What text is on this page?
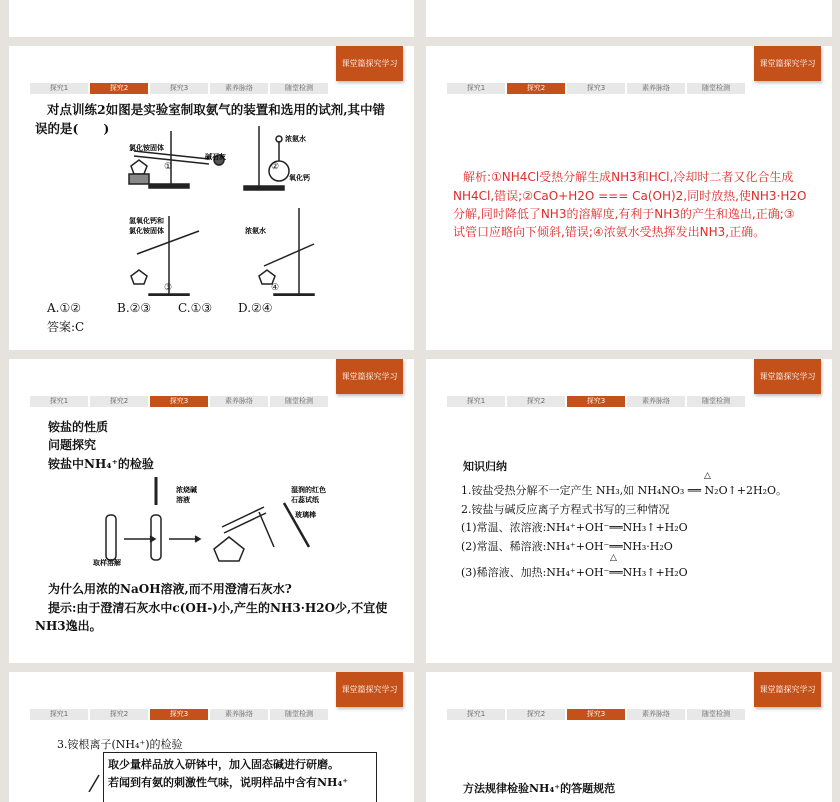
对点训练2如图是实验室制取氨气的装置和选用的试剂,其中错
误的是(　　)
氯化铵固体
碱石灰
浓氨水
氧化钙
氢氧化钙和
氯化铵固体	浓氨水
①	②
③	④
A.①②	B.②③ C.①③ D.②④
答案:C
课堂篇探究学习
探究1	探究2	探究3	素养脉络	随堂检测
解析:①NH4Cl受热分解生成NH3和HCl,冷却时二者又化合生成
NH4Cl,错误;②CaO+H2O === Ca(OH)2,同时放热,使NH3·H2O
分解,同时降低了NH3的溶解度,有利于NH3的产生和逸出,正确;③
试管口应略向下倾斜,错误;④浓氨水受热挥发出NH3,正确。
课堂篇探究学习
探究1	探究2	探究3	素养脉络	随堂检测
铵盐的性质
问题探究
铵盐中NH₄⁺的检验
浓烧碱
溶液
湿润的红色
石蕊试纸
玻璃棒
取样溶解
为什么用浓的NaOH溶液,而不用澄清石灰水?
提示:由于澄清石灰水中c(OH-)小,产生的NH3·H2O少,不宜使
NH3逸出。
课堂篇探究学习
探究1	探究2	探究3	素养脉络	随堂检测
知识归纳
1.铵盐受热分解不一定产生 NH₃,如 NH₄NO₃ ══ N₂O↑+2H₂O。
△
2.铵盐与碱反应离子方程式书写的三种情况
(1)常温、浓溶液:NH₄⁺+OH⁻══NH₃↑+H₂O
(2)常温、稀溶液:NH₄⁺+OH⁻══NH₃·H₂O
(3)稀溶液、加热:NH₄⁺+OH⁻══NH₃↑+H₂O
△
课堂篇探究学习
探究1	探究2	探究3	素养脉络	随堂检测
3.铵根离子(NH₄⁺)的检验
取少量样品放入研钵中，加入固态碱进行研磨。
若闻到有氨的刺激性气味，说明样品中含有NH₄⁺
课堂篇探究学习
探究1	探究2	探究3	素养脉络	随堂检测
方法规律检验NH₄⁺的答题规范
课堂篇探究学习
探究1	探究2	探究3	素养脉络	随堂检测
